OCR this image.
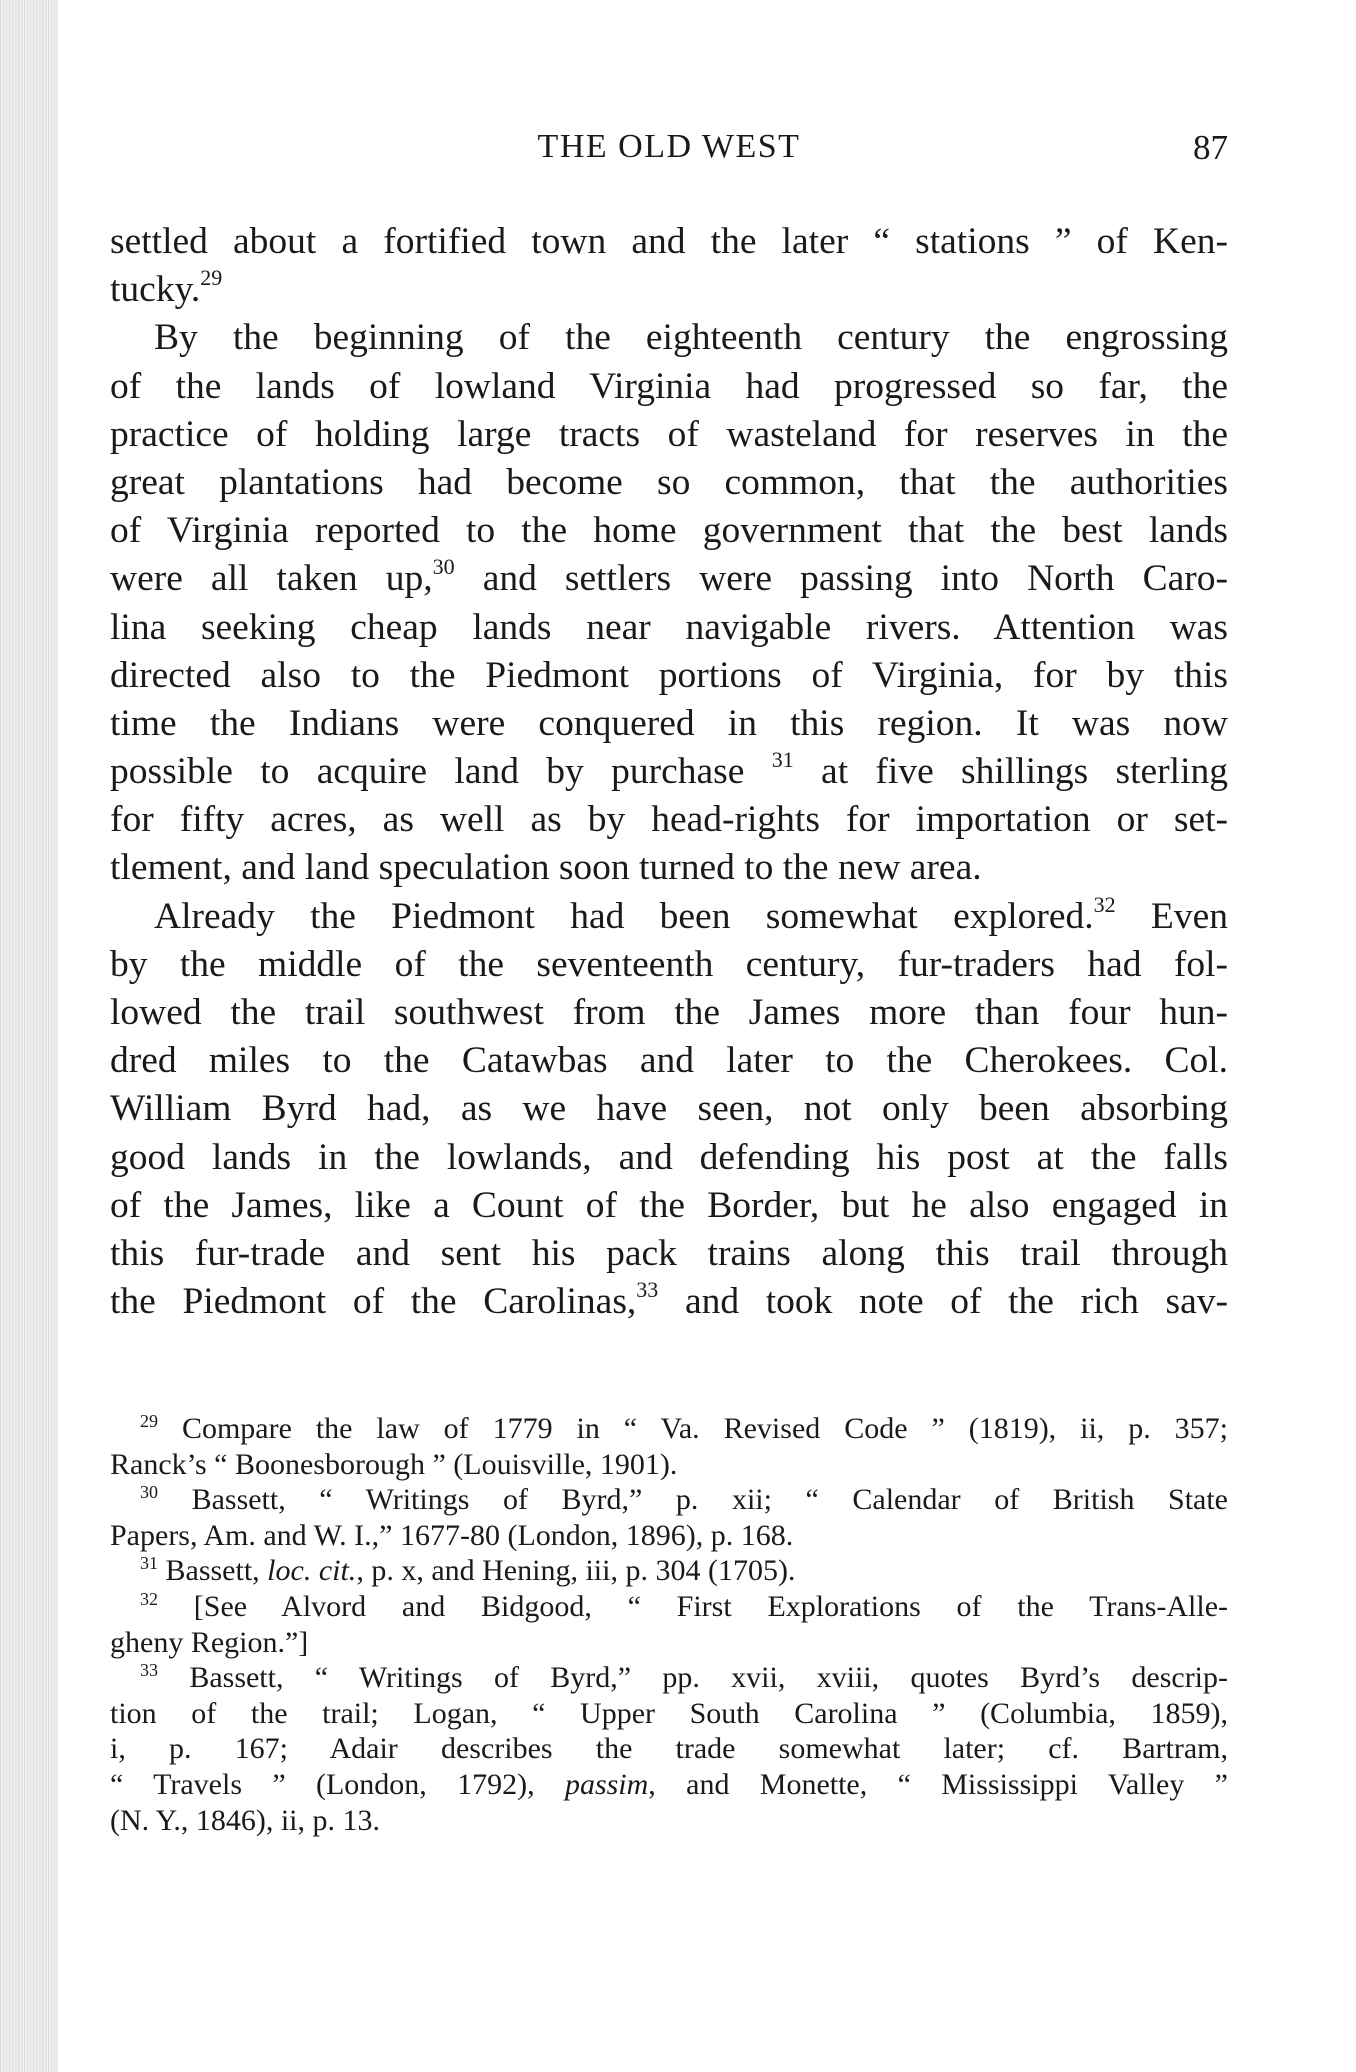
THE OLD WEST	87
settled about a fortified town and the later “ stations ” of Ken-
tucky.$^{29}$
By the beginning of the eighteenth century the engrossing
of the lands of lowland Virginia had progressed so far, the
practice of holding large tracts of wasteland for reserves in the
great plantations had become so common, that the authorities
of Virginia reported to the home government that the best lands
were all taken up,$^{30}$ and settlers were passing into North Caro-
lina seeking cheap lands near navigable rivers. Attention was
directed also to the Piedmont portions of Virginia, for by this
time the Indians were conquered in this region. It was now
possible to acquire land by purchase $^{31}$ at five shillings sterling
for fifty acres, as well as by head-rights for importation or set-
tlement, and land speculation soon turned to the new area.
Already the Piedmont had been somewhat explored.$^{32}$ Even
by the middle of the seventeenth century, fur-traders had fol-
lowed the trail southwest from the James more than four hun-
dred miles to the Catawbas and later to the Cherokees. Col.
William Byrd had, as we have seen, not only been absorbing
good lands in the lowlands, and defending his post at the falls
of the James, like a Count of the Border, but he also engaged in
this fur-trade and sent his pack trains along this trail through
the Piedmont of the Carolinas,$^{33}$ and took note of the rich sav-
$^{29}$ Compare the law of 1779 in “ Va. Revised Code ” (1819), ii, p. 357;
Ranck’s “ Boonesborough ” (Louisville, 1901).
$^{30}$ Bassett, “ Writings of Byrd,” p. xii; “ Calendar of British State
Papers, Am. and W. I.,” 1677-80 (London, 1896), p. 168.
$^{31}$ Bassett, loc. cit., p. x, and Hening, iii, p. 304 (1705).
$^{32}$ [See Alvord and Bidgood, “ First Explorations of the Trans-Alle-
gheny Region.”]
$^{33}$ Bassett, “ Writings of Byrd,” pp. xvii, xviii, quotes Byrd’s descrip-
tion of the trail; Logan, “ Upper South Carolina ” (Columbia, 1859),
i, p. 167; Adair describes the trade somewhat later; cf. Bartram,
“ Travels ” (London, 1792), passim, and Monette, “ Mississippi Valley ”
(N. Y., 1846), ii, p. 13.
